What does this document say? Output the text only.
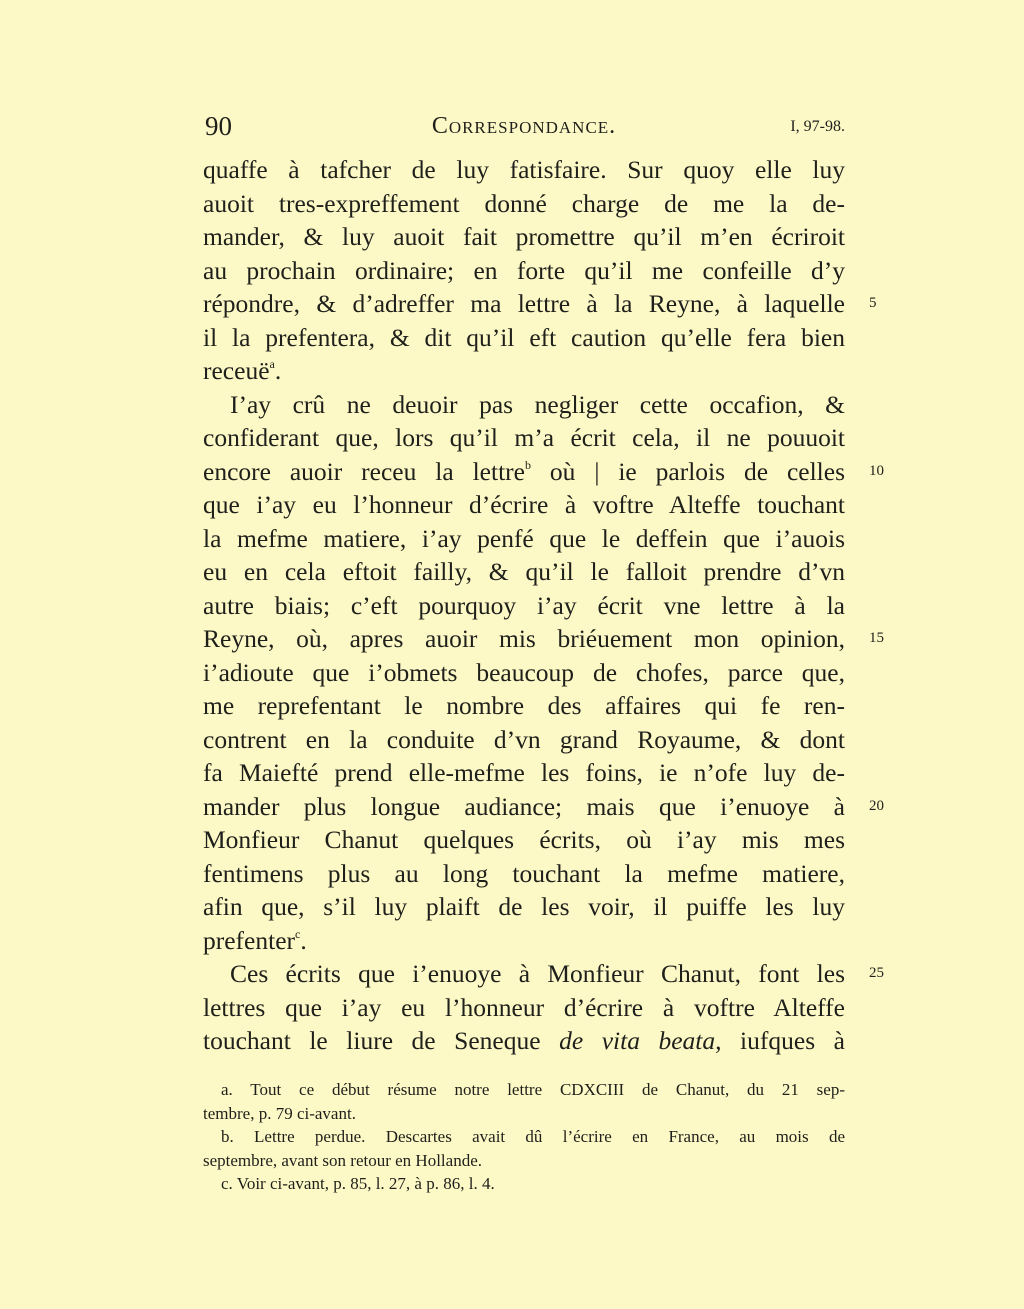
90	Correspondance.	I, 97-98.
quaffe à tafcher de luy fatisfaire. Sur quoy elle luy
auoit tres-expreffement donné charge de me la de-
mander, & luy auoit fait promettre qu’il m’en écriroit
au prochain ordinaire; en forte qu’il me confeille d’y
répondre, & d’adreffer ma lettre à la Reyne, à laquelle 5
il la prefentera, & dit qu’il eft caution qu’elle fera bien
receuë$^a$.
I’ay crû ne deuoir pas negliger cette occafion, &
confiderant que, lors qu’il m’a écrit cela, il ne pouuoit
encore auoir receu la lettre$^b$ où | ie parlois de celles 10
que i’ay eu l’honneur d’écrire à voftre Alteffe touchant
la mefme matiere, i’ay penfé que le deffein que i’auois
eu en cela eftoit failly, & qu’il le falloit prendre d’vn
autre biais; c’eft pourquoy i’ay écrit vne lettre à la
Reyne, où, apres auoir mis briéuement mon opinion, 15
i’adioute que i’obmets beaucoup de chofes, parce que,
me reprefentant le nombre des affaires qui fe ren-
contrent en la conduite d’vn grand Royaume, & dont
fa Maiefté prend elle-mefme les foins, ie n’ofe luy de-
mander plus longue audiance; mais que i’enuoye à 20
Monfieur Chanut quelques écrits, où i’ay mis mes
fentimens plus au long touchant la mefme matiere,
afin que, s’il luy plaift de les voir, il puiffe les luy
prefenter$^c$.
Ces écrits que i’enuoye à Monfieur Chanut, font les 25
lettres que i’ay eu l’honneur d’écrire à voftre Alteffe
touchant le liure de Seneque de vita beata, iufques à
a. Tout ce début résume notre lettre CDXCIII de Chanut, du 21 sep-
tembre, p. 79 ci-avant.
b. Lettre perdue. Descartes avait dû l’écrire en France, au mois de
septembre, avant son retour en Hollande.
c. Voir ci-avant, p. 85, l. 27, à p. 86, l. 4.
